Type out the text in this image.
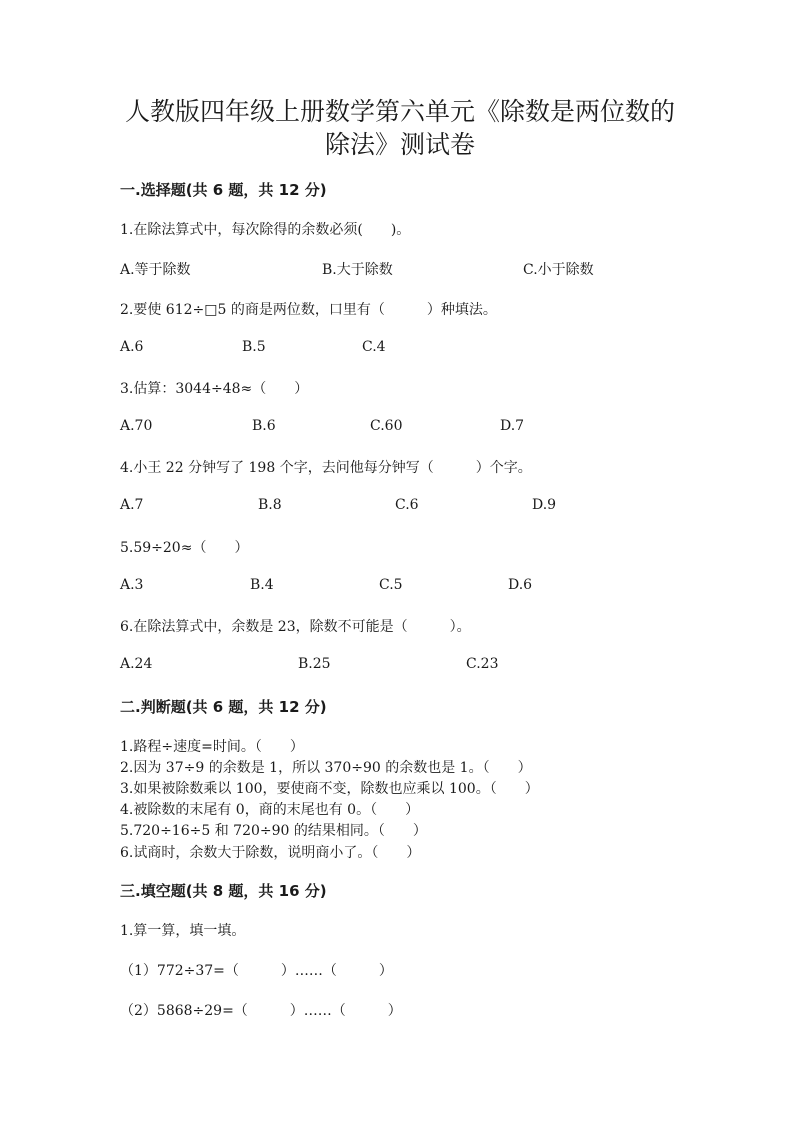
人教版四年级上册数学第六单元《除数是两位数的
除法》测试卷
一.选择题(共 6 题，共 12 分)
1.在除法算式中，每次除得的余数必须(　　)。
A.等于除数	B.大于除数	C.小于除数
2.要使 612÷□5 的商是两位数，口里有（　　　）种填法。
A.6	B.5	C.4
3.估算：3044÷48≈（　　）
A.70	B.6	C.60	D.7
4.小王 22 分钟写了 198 个字，去问他每分钟写（　　　）个字。
A.7	B.8	C.6	D.9
5.59÷20≈（　　）
A.3	B.4	C.5	D.6
6.在除法算式中，余数是 23，除数不可能是（　　　）。
A.24	B.25	C.23
二.判断题(共 6 题，共 12 分)
1.路程÷速度=时间。（　　）
2.因为 37÷9 的余数是 1，所以 370÷90 的余数也是 1。（　　）
3.如果被除数乘以 100，要使商不变，除数也应乘以 100。（　　）
4.被除数的末尾有 0，商的末尾也有 0。（　　）
5.720÷16÷5 和 720÷90 的结果相同。（　　）
6.试商时，余数大于除数，说明商小了。（　　）
三.填空题(共 8 题，共 16 分)
1.算一算，填一填。
（1）772÷37=（　　　）……（　　　）
（2）5868÷29=（　　　）……（　　　）
